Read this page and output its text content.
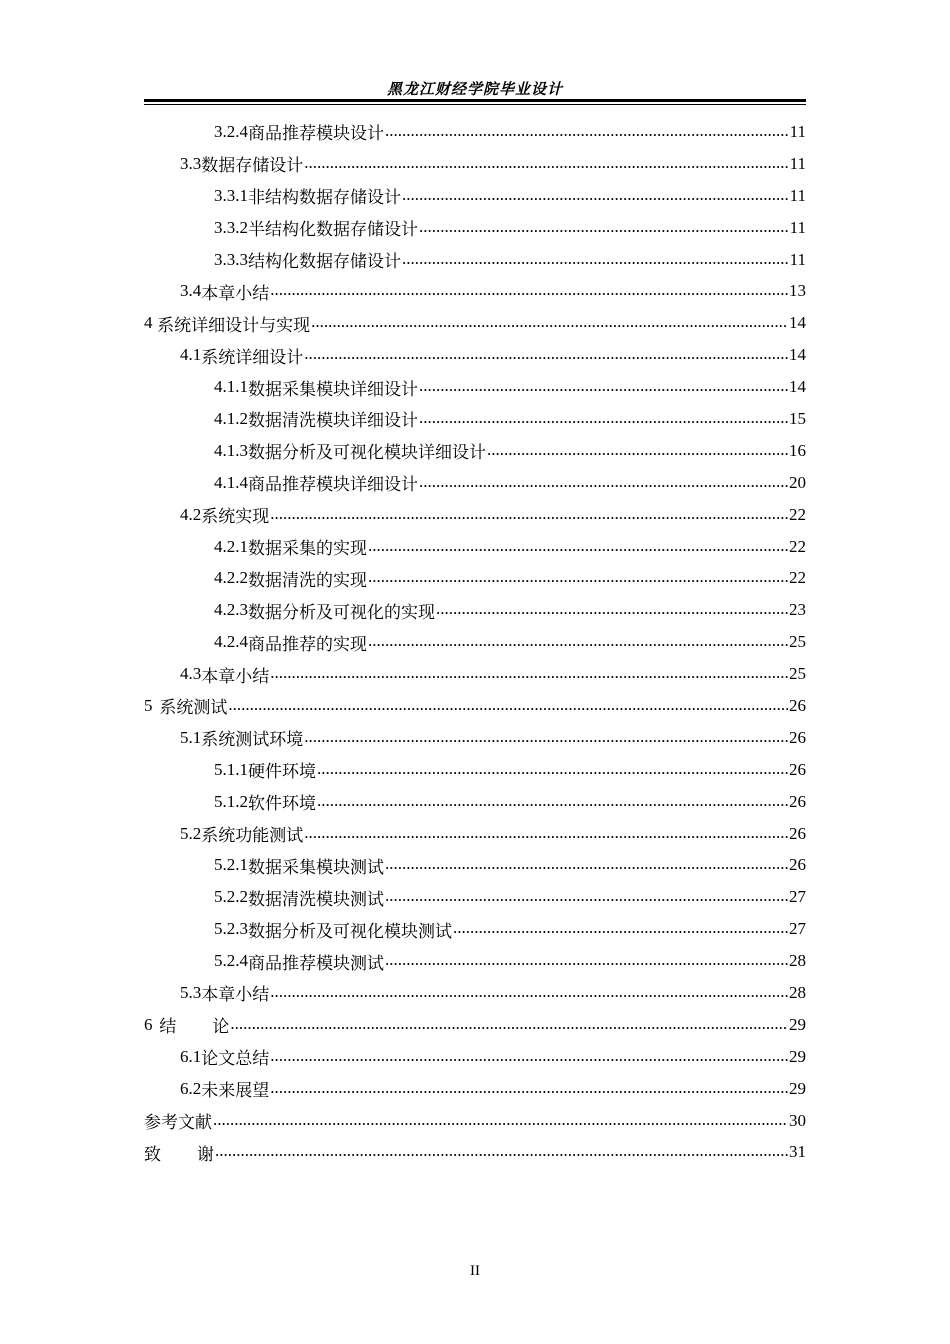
黑龙江财经学院毕业设计
3.2.4 商品推荐模块设计 .....	11
3.3 数据存储设计 .....	11
3.3.1 非结构数据存储设计 .....	11
3.3.2 半结构化数据存储设计 .....	11
3.3.3 结构化数据存储设计 .....	11
3.4 本章小结 .....	13
4 系统详细设计与实现 .....	14
4.1 系统详细设计 .....	14
4.1.1 数据采集模块详细设计 .....	14
4.1.2 数据清洗模块详细设计 .....	15
4.1.3 数据分析及可视化模块详细设计 .....	16
4.1.4 商品推荐模块详细设计 .....	20
4.2 系统实现 .....	22
4.2.1 数据采集的实现 .....	22
4.2.2 数据清洗的实现 .....	22
4.2.3 数据分析及可视化的实现 .....	23
4.2.4 商品推荐的实现 .....	25
4.3 本章小结 .....	25
5 系统测试 .....	26
5.1 系统测试环境 .....	26
5.1.1 硬件环境 .....	26
5.1.2 软件环境 .....	26
5.2 系统功能测试 .....	26
5.2.1 数据采集模块测试 .....	26
5.2.2 数据清洗模块测试 .....	27
5.2.3 数据分析及可视化模块测试 .....	27
5.2.4 商品推荐模块测试 .....	28
5.3 本章小结 .....	28
6 结论 .....	29
6.1 论文总结 .....	29
6.2 未来展望 .....	29
参考文献 .....	30
致谢 .....	31
II
